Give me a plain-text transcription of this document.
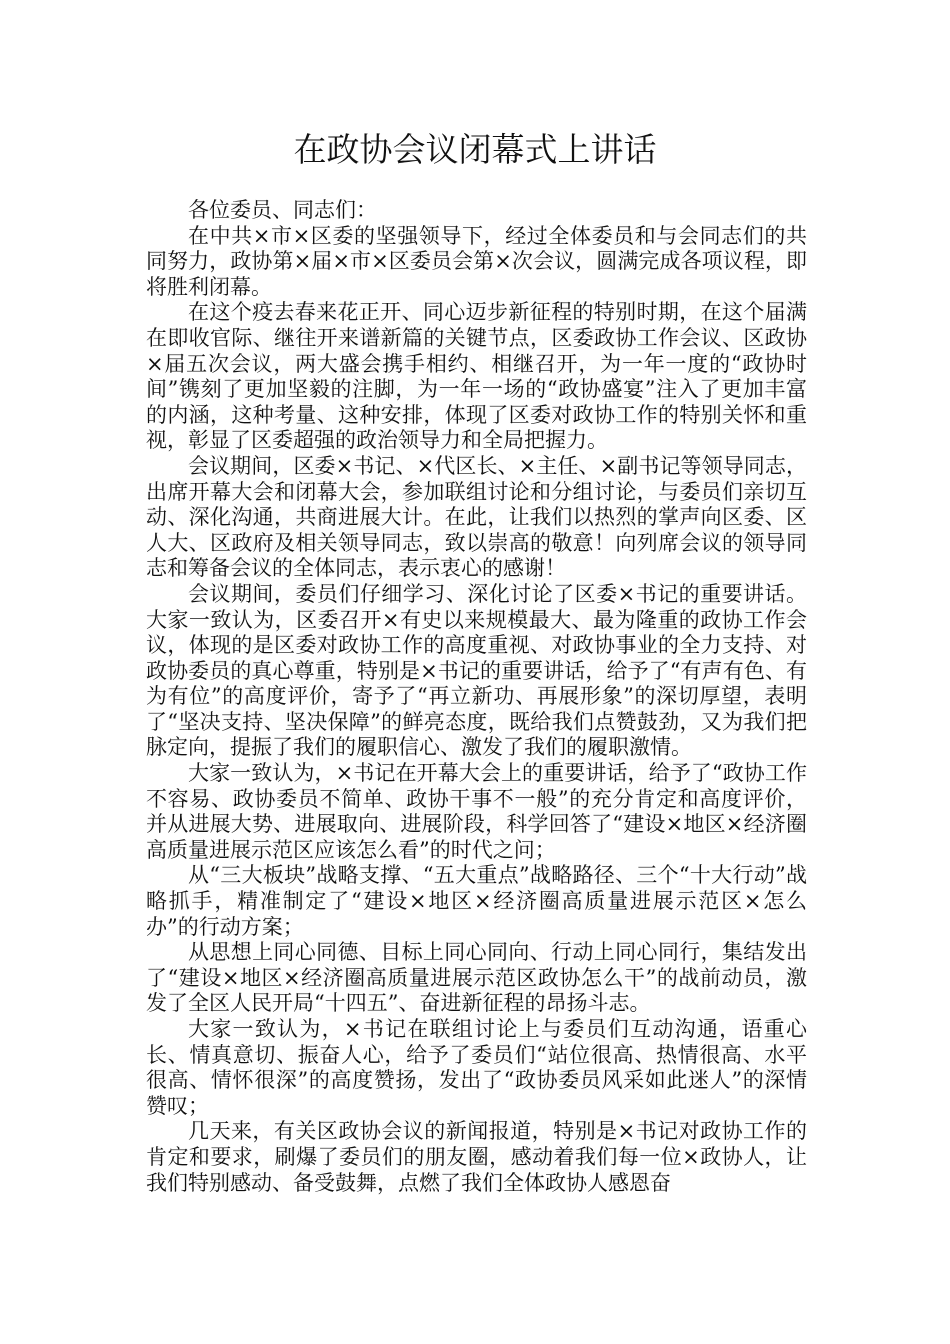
在政协会议闭幕式上讲话

各位委员、同志们：

在中共×市×区委的坚强领导下，经过全体委员和与会同志们的共同努力，政协第×届×市×区委员会第×次会议，圆满完成各项议程，即将胜利闭幕。

在这个疫去春来花正开、同心迈步新征程的特别时期，在这个届满在即收官际、继往开来谱新篇的关键节点，区委政协工作会议、区政协×届五次会议，两大盛会携手相约、相继召开，为一年一度的“政协时间”镌刻了更加坚毅的注脚，为一年一场的“政协盛宴”注入了更加丰富的内涵，这种考量、这种安排，体现了区委对政协工作的特别关怀和重视，彰显了区委超强的政治领导力和全局把握力。

会议期间，区委×书记、×代区长、×主任、×副书记等领导同志，出席开幕大会和闭幕大会，参加联组讨论和分组讨论，与委员们亲切互动、深化沟通，共商进展大计。在此，让我们以热烈的掌声向区委、区人大、区政府及相关领导同志，致以崇高的敬意！向列席会议的领导同志和筹备会议的全体同志，表示衷心的感谢！

会议期间，委员们仔细学习、深化讨论了区委×书记的重要讲话。大家一致认为，区委召开×有史以来规模最大、最为隆重的政协工作会议，体现的是区委对政协工作的高度重视、对政协事业的全力支持、对政协委员的真心尊重，特别是×书记的重要讲话，给予了“有声有色、有为有位”的高度评价，寄予了“再立新功、再展形象”的深切厚望，表明了“坚决支持、坚决保障”的鲜亮态度，既给我们点赞鼓劲，又为我们把脉定向，提振了我们的履职信心、激发了我们的履职激情。

大家一致认为，×书记在开幕大会上的重要讲话，给予了“政协工作不容易、政协委员不简单、政协干事不一般”的充分肯定和高度评价，并从进展大势、进展取向、进展阶段，科学回答了“建设×地区×经济圈高质量进展示范区应该怎么看”的时代之问；

从“三大板块”战略支撑、“五大重点”战略路径、三个“十大行动”战略抓手，精准制定了“建设×地区×经济圈高质量进展示范区×怎么办”的行动方案；

从思想上同心同德、目标上同心同向、行动上同心同行，集结发出了“建设×地区×经济圈高质量进展示范区政协怎么干”的战前动员，激发了全区人民开局“十四五”、奋进新征程的昂扬斗志。

大家一致认为，×书记在联组讨论上与委员们互动沟通，语重心长、情真意切、振奋人心，给予了委员们“站位很高、热情很高、水平很高、情怀很深”的高度赞扬，发出了“政协委员风采如此迷人”的深情赞叹；

几天来，有关区政协会议的新闻报道，特别是×书记对政协工作的肯定和要求，刷爆了委员们的朋友圈，感动着我们每一位×政协人，让我们特别感动、备受鼓舞，点燃了我们全体政协人感恩奋
